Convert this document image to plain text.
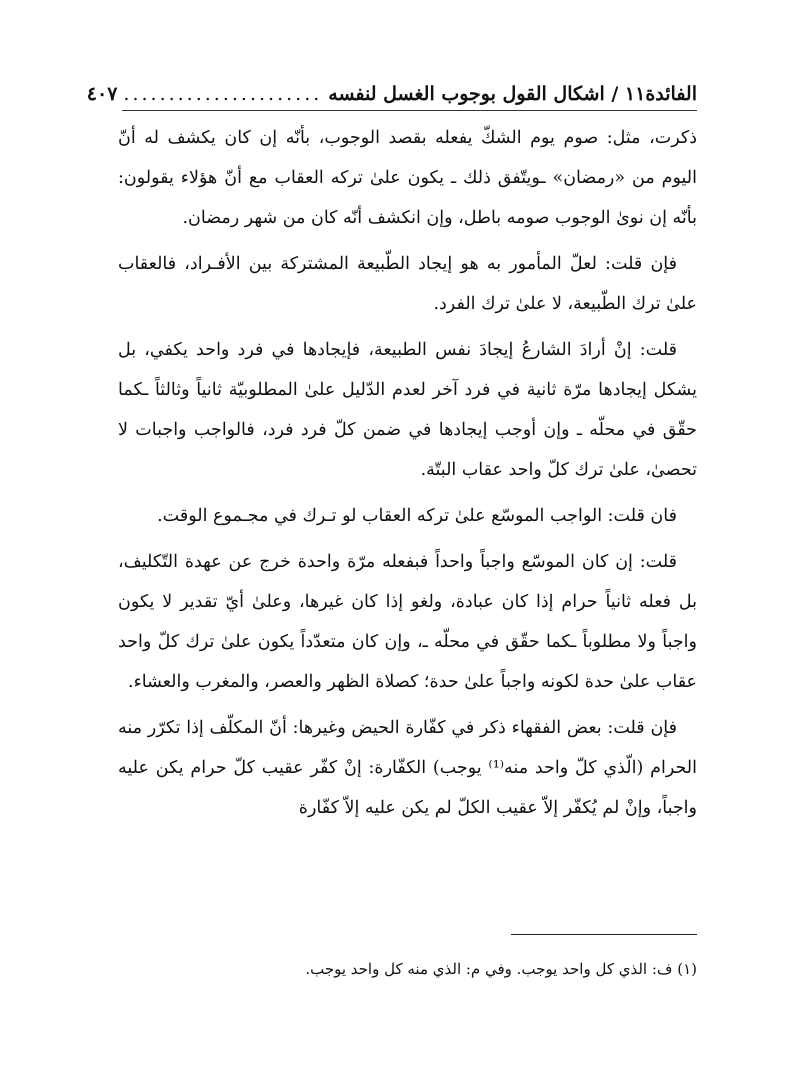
الفائدة١١ / اشكال القول بوجوب الغسل لنفسه
......................
٤٠٧

ذكرت، مثل: صوم يوم الشكّ يفعله بقصد الوجوب، بأنّه إن كان يكشف له أنّ اليوم من «رمضان» ـويتّفق ذلك ـ يكون علىٰ تركه العقاب مع أنّ هؤلاء يقولون: بأنّه إن نوىٰ الوجوب صومه باطل، وإن انكشف أنّه كان من شهر رمضان.

فإن قلت: لعلّ المأمور به هو إيجاد الطّبيعة المشتركة بين الأفـراد، فالعقاب علىٰ ترك الطّبيعة، لا علىٰ ترك الفرد.

قلت: إنْ أرادَ الشارعُ إيجادَ نفس الطبيعة، فإيجادها في فرد واحد يكفي، بل يشكل إيجادها مرّة ثانية في فرد آخر لعدم الدّليل علىٰ المطلوبيّة ثانياً وثالثاً ـكما حقّق في محلّه ـ وإن أوجب إيجادها في ضمن كلّ فرد فرد، فالواجب واجبات لا تحصىٰ، علىٰ ترك كلّ واحد عقاب البتّة.

فان قلت: الواجب الموسّع علىٰ تركه العقاب لو تـرك في مجـموع الوقت.

قلت: إن كان الموسّع واجباً واحداً فبفعله مرّة واحدة خرج عن عهدة التّكليف، بل فعله ثانياً حرام إذا كان عبادة، ولغو إذا كان غيرها، وعلىٰ أيّ تقدير لا يكون واجباً ولا مطلوباً ـكما حقّق في محلّه ـ، وإن كان متعدّداً يكون علىٰ ترك كلّ واحد عقاب علىٰ حدة لكونه واجباً علىٰ حدة؛ كصلاة الظهر والعصر، والمغرب والعشاء.

فإن قلت: بعض الفقهاء ذكر في كفّارة الحيض وغيرها: أنّ المكلّف إذا تكرّر منه الحرام (الّذي كلّ واحد منه⁽¹⁾ يوجب) الكفّارة: إنْ كفّر عقيب كلّ حرام يكن عليه واجباً، وإنْ لم يُكفّر إلاّ عقيب الكلّ لم يكن عليه إلاّ كفّارة

(١) ف: الذي كل واحد يوجب. وفي م: الذي منه كل واحد يوجب.
